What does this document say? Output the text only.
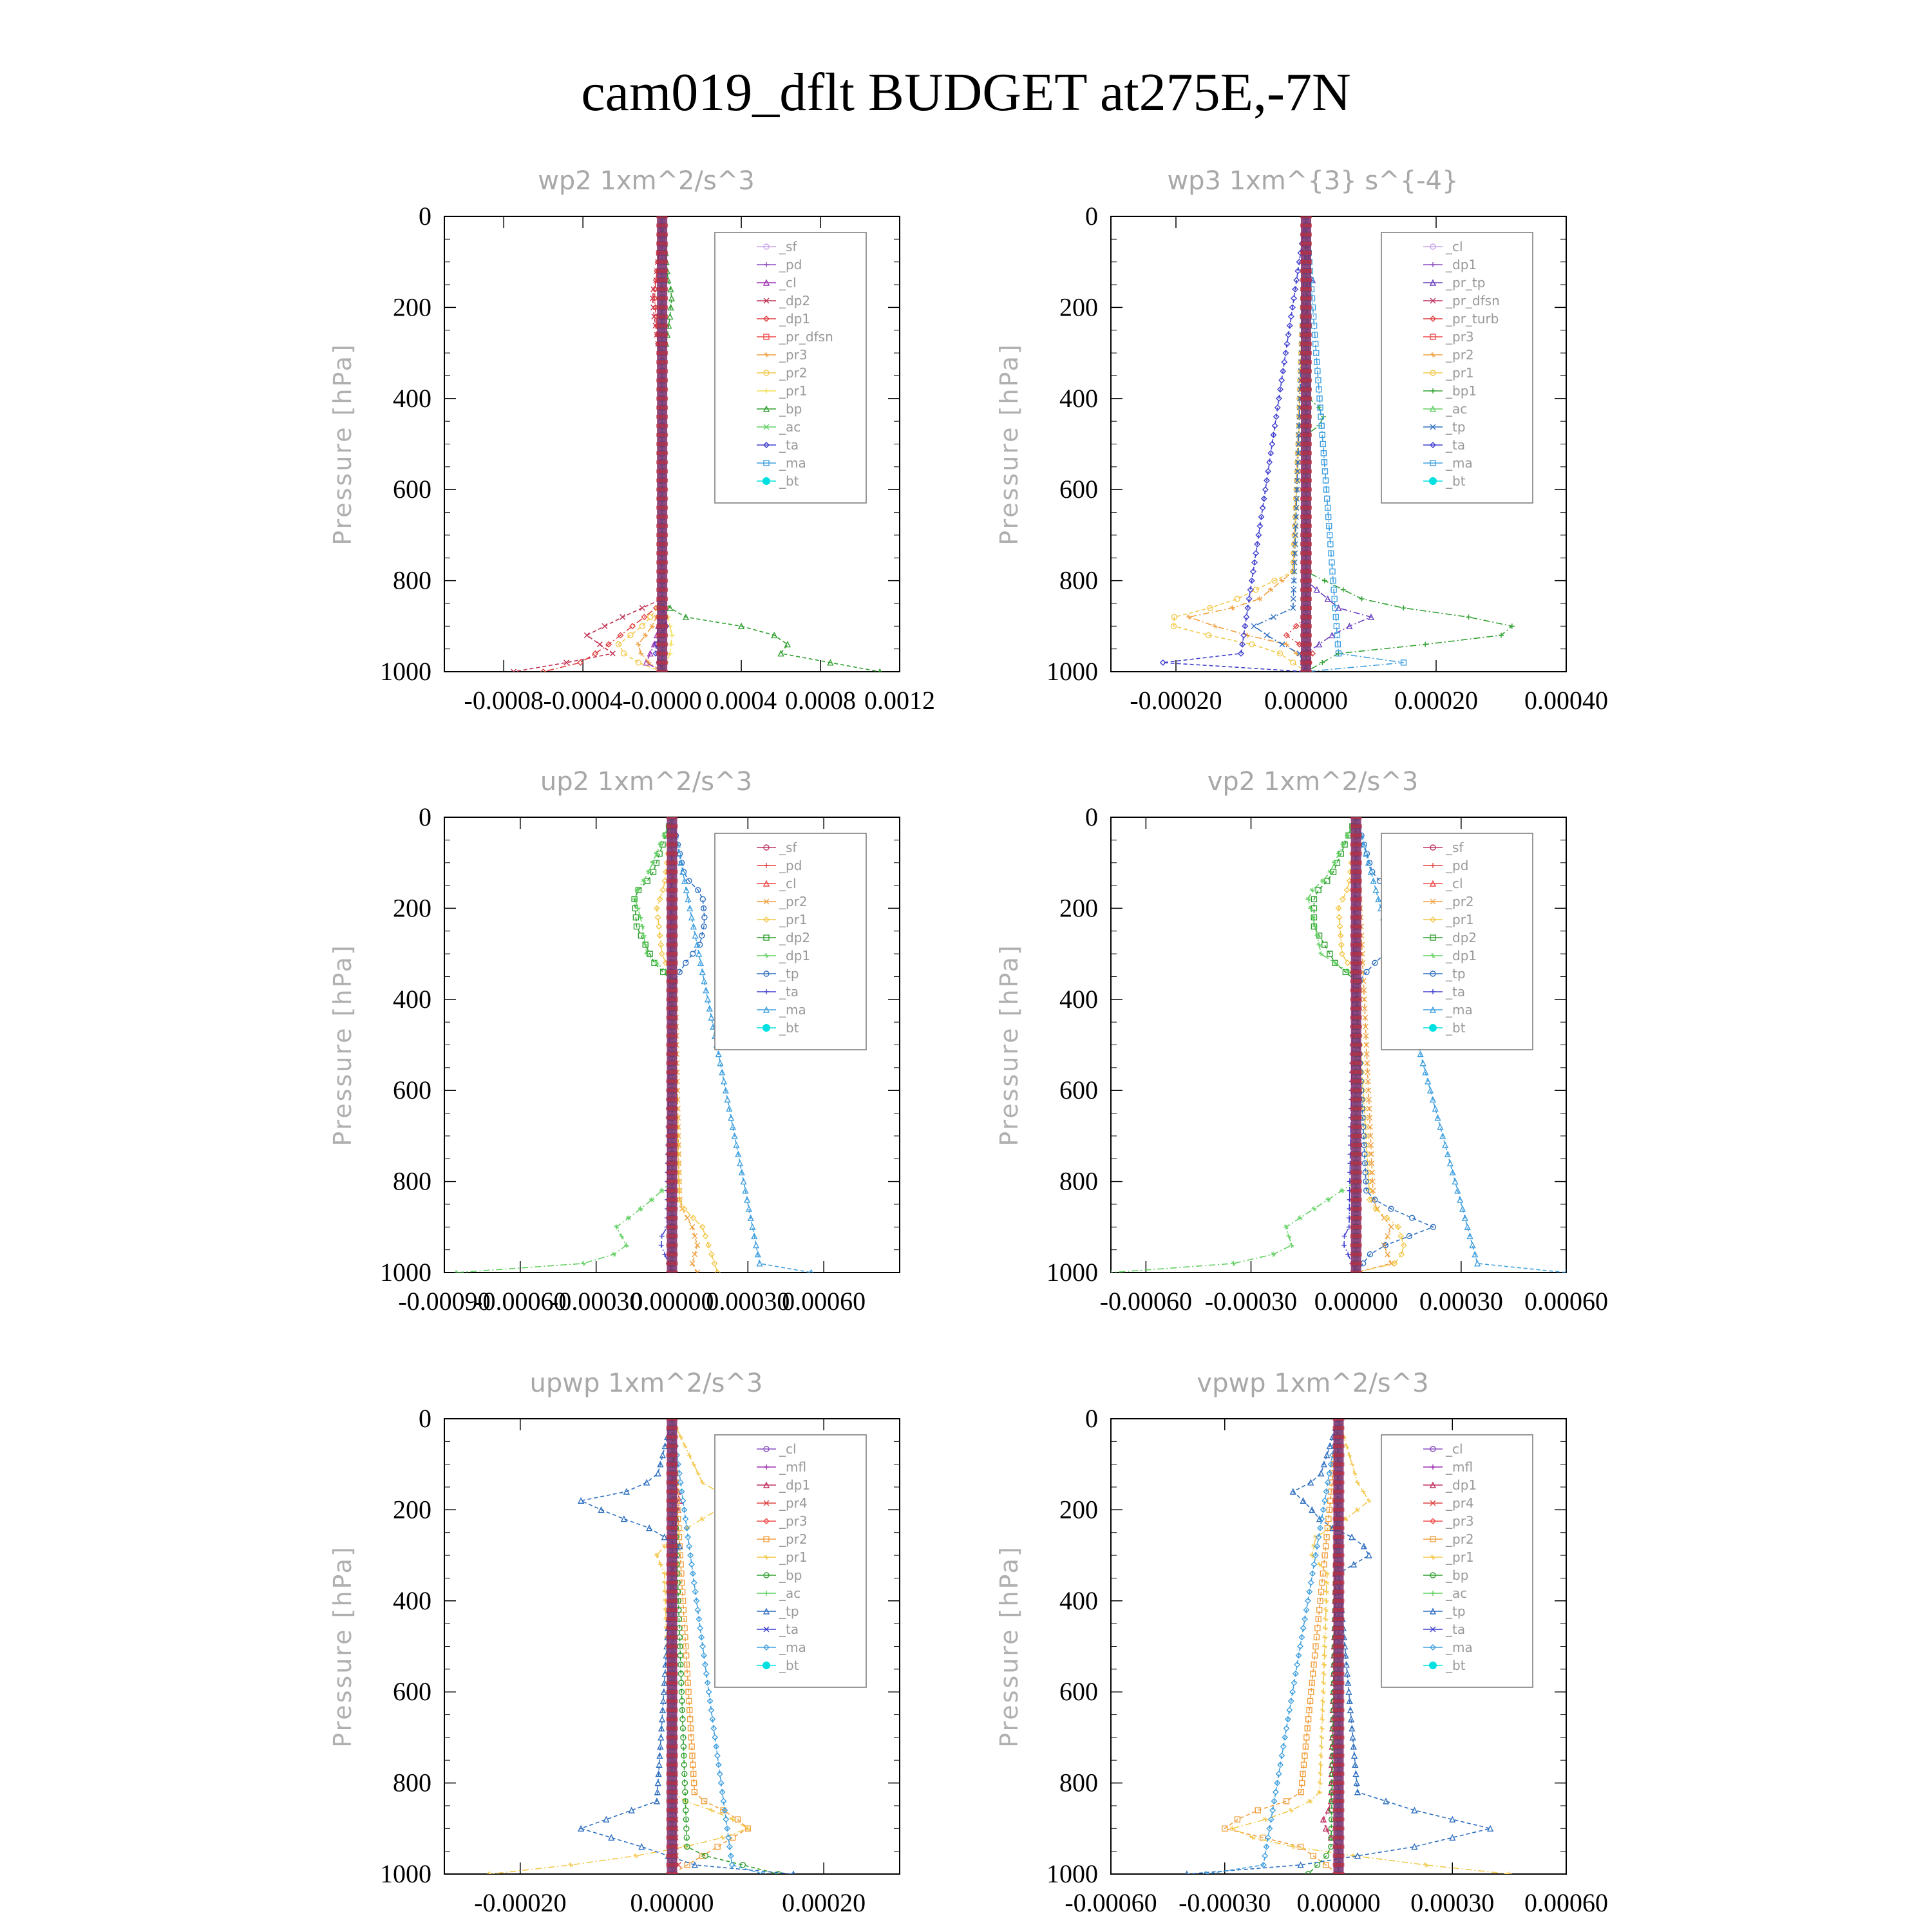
cam019_dflt BUDGET at275E,-7N
wp2 1xm^2/s^3
Pressure [hPa]
0
200
400
600
800
1000
-0.0008 -0.0004 -0.0000 0.0004 0.0008 0.0012
_sf
_pd
_cl
_dp2
_dp1
_pr_dfsn
_pr3
_pr2
_pr1
_bp
_ac
_ta
_ma
_bt
wp3 1xm^{3} s^{-4}
Pressure [hPa]
0
200
400
600
800
1000
-0.00020 0.00000 0.00020 0.00040
_cl
_dp1
_pr_tp
_pr_dfsn
_pr_turb
_pr3
_pr2
_pr1
_bp1
_ac
_tp
_ta
_ma
_bt
up2 1xm^2/s^3
Pressure [hPa]
0
200
400
600
800
1000
-0.00090
-0.00060
-0.00030
0.00000
0.00030
0.00060
_sf
_pd
_cl
_pr2
_pr1
_dp2
_dp1
_tp
_ta
_ma
_bt
vp2 1xm^2/s^3
Pressure [hPa]
0
200
400
600
800
1000
-0.00060 -0.00030 0.00000 0.00030 0.00060
_sf
_pd
_cl
_pr2
_pr1
_dp2
_dp1
_tp
_ta
_ma
_bt
upwp 1xm^2/s^3
Pressure [hPa]
0
200
400
600
800
1000
-0.00020 0.00000	0.00020
_cl
_mfl
_dp1
_pr4
_pr3
_pr2
_pr1
_bp
_ac
_tp
_ta
_ma
_bt
vpwp 1xm^2/s^3
Pressure [hPa]
0
200
400
600
800
1000
-0.00060 -0.00030 0.00000 0.00030 0.00060
_cl
_mfl
_dp1
_pr4
_pr3
_pr2
_pr1
_bp
_ac
_tp
_ta
_ma
_bt
